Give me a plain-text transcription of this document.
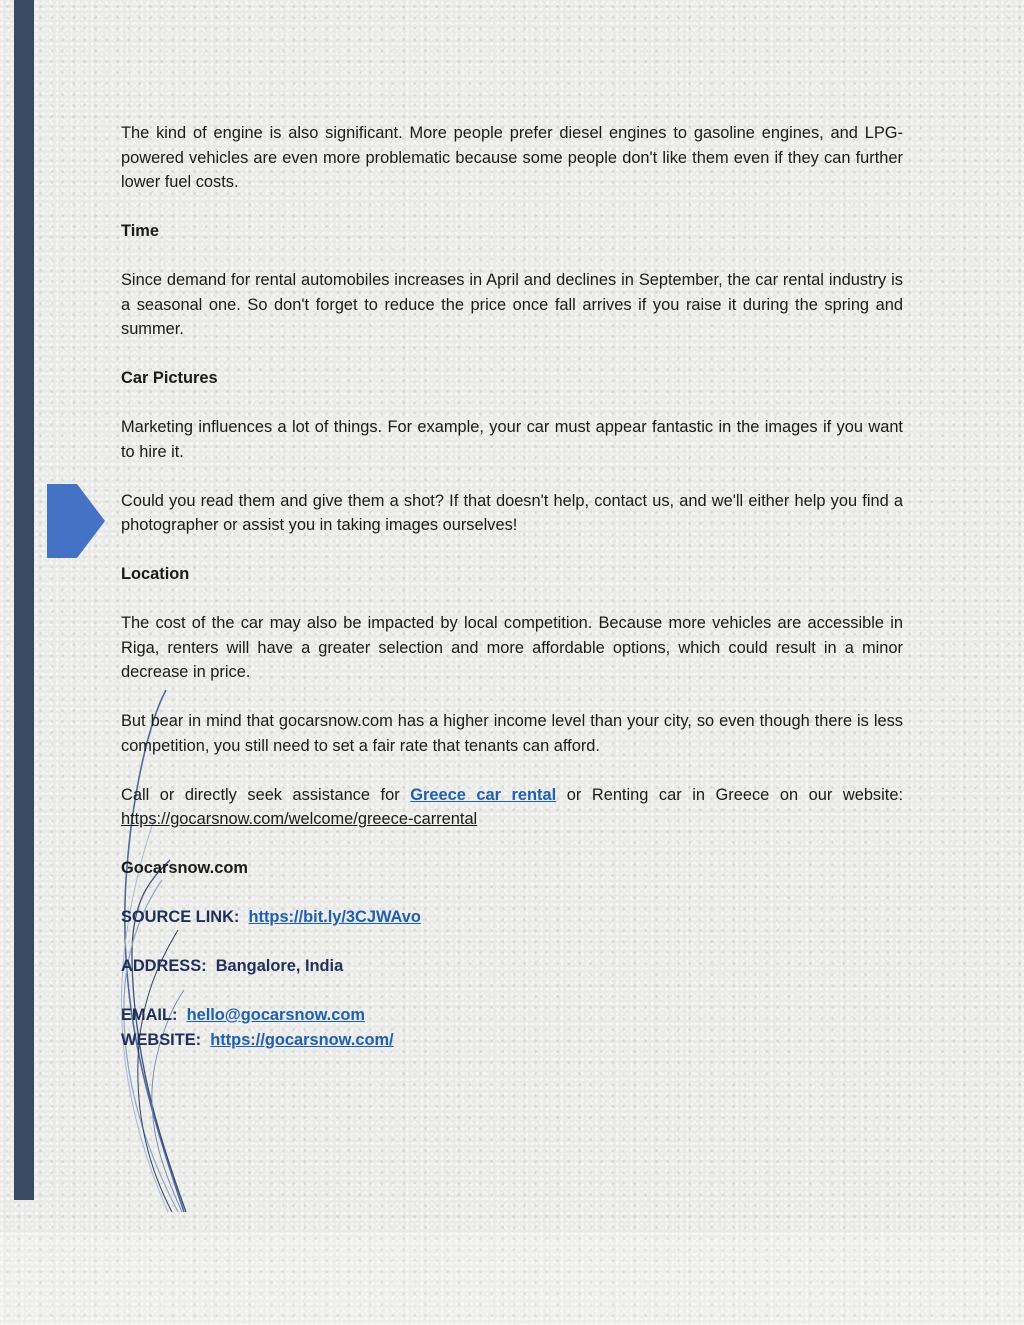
The kind of engine is also significant. More people prefer diesel engines to gasoline engines, and LPG-powered vehicles are even more problematic because some people don't like them even if they can further lower fuel costs.

Time

Since demand for rental automobiles increases in April and declines in September, the car rental industry is a seasonal one. So don't forget to reduce the price once fall arrives if you raise it during the spring and summer.

Car Pictures

Marketing influences a lot of things. For example, your car must appear fantastic in the images if you want to hire it.

Could you read them and give them a shot? If that doesn't help, contact us, and we'll either help you find a photographer or assist you in taking images ourselves!

Location

The cost of the car may also be impacted by local competition. Because more vehicles are accessible in Riga, renters will have a greater selection and more affordable options, which could result in a minor decrease in price.

But bear in mind that gocarsnow.com has a higher income level than your city, so even though there is less competition, you still need to set a fair rate that tenants can afford.

Call or directly seek assistance for Greece car rental or Renting car in Greece on our website: https://gocarsnow.com/welcome/greece-carrental

Gocarsnow.com

SOURCE LINK: https://bit.ly/3CJWAvo

ADDRESS: Bangalore, India

EMAIL: hello@gocarsnow.com

WEBSITE: https://gocarsnow.com/
